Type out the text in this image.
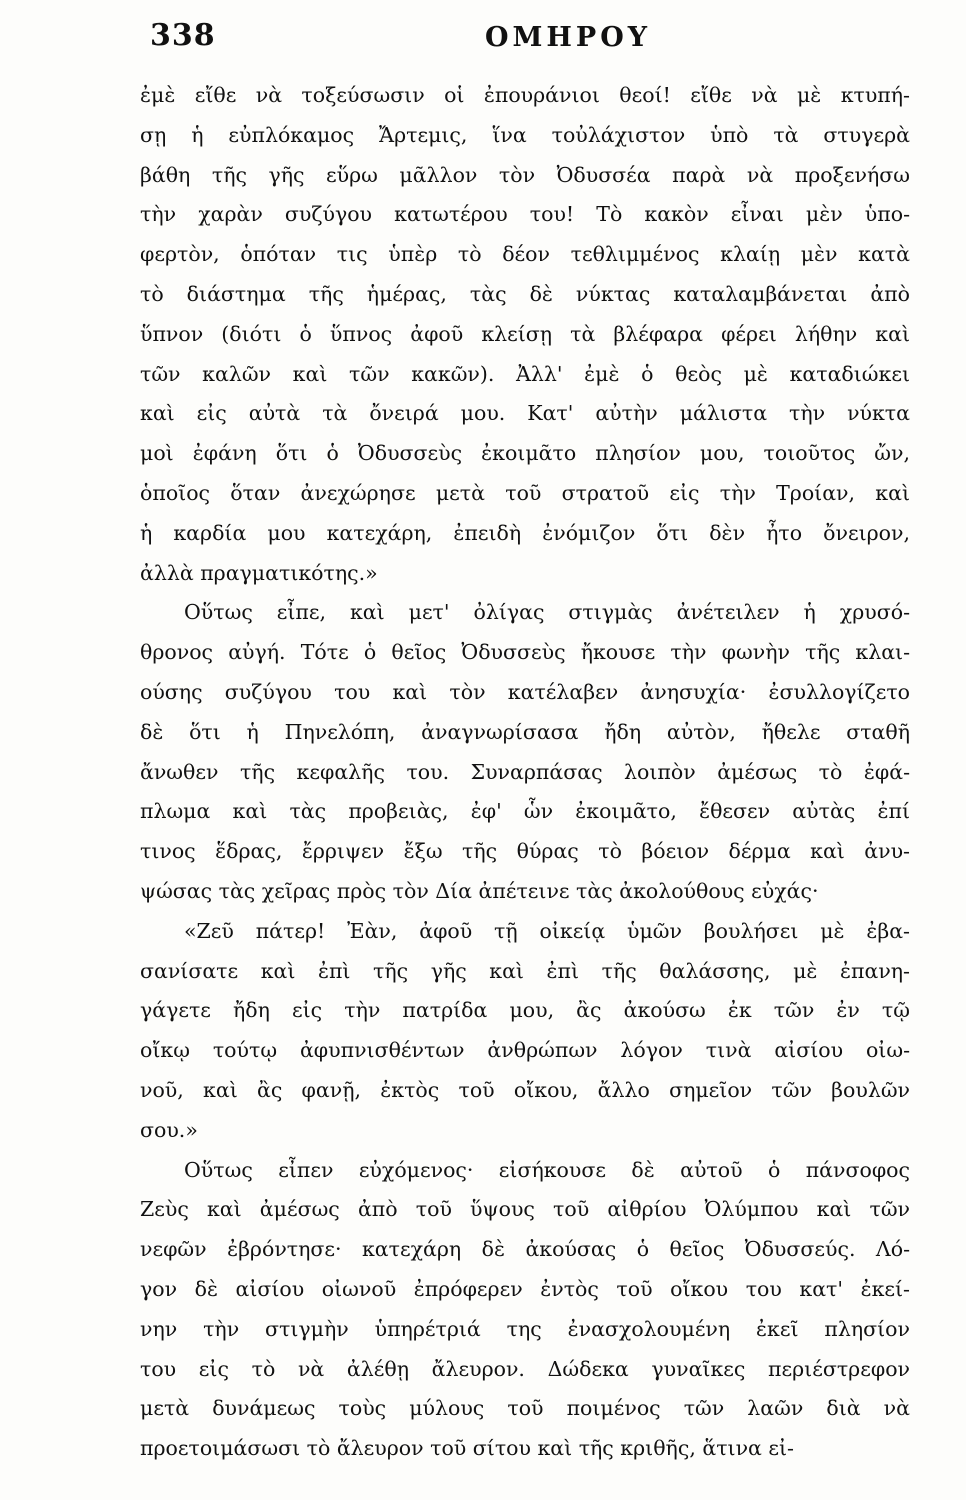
338	ΟΜΗΡΟΥ
ἐμὲ εἴθε νὰ τοξεύσωσιν οἱ ἐπουράνιοι θεοί! εἴθε νὰ μὲ κτυπή-
σῃ ἡ εὐπλόκαμος Ἄρτεμις, ἵνα τοὐλάχιστον ὑπὸ τὰ στυγερὰ
βάθη τῆς γῆς εὕρω μᾶλλον τὸν Ὀδυσσέα παρὰ νὰ προξενήσω
τὴν χαρὰν συζύγου κατωτέρου του! Τὸ κακὸν εἶναι μὲν ὑπο-
φερτὸν, ὁπόταν τις ὑπὲρ τὸ δέον τεθλιμμένος κλαίῃ μὲν κατὰ
τὸ διάστημα τῆς ἡμέρας, τὰς δὲ νύκτας καταλαμβάνεται ἀπὸ
ὕπνον (διότι ὁ ὕπνος ἀφοῦ κλείσῃ τὰ βλέφαρα φέρει λήθην καὶ
τῶν καλῶν καὶ τῶν κακῶν). Ἀλλ' ἐμὲ ὁ θεὸς μὲ καταδιώκει
καὶ εἰς αὐτὰ τὰ ὄνειρά μου. Κατ' αὐτὴν μάλιστα τὴν νύκτα
μοὶ ἐφάνη ὅτι ὁ Ὀδυσσεὺς ἐκοιμᾶτο πλησίον μου, τοιοῦτος ὤν,
ὁποῖος ὅταν ἀνεχώρησε μετὰ τοῦ στρατοῦ εἰς τὴν Τροίαν, καὶ
ἡ καρδία μου κατεχάρη, ἐπειδὴ ἐνόμιζον ὅτι δὲν ἦτο ὄνειρον,
ἀλλὰ πραγματικότης.»
Οὕτως εἶπε, καὶ μετ' ὀλίγας στιγμὰς ἀνέτειλεν ἡ χρυσό-
θρονος αὐγή. Τότε ὁ θεῖος Ὀδυσσεὺς ἤκουσε τὴν φωνὴν τῆς κλαι-
ούσης συζύγου του καὶ τὸν κατέλαβεν ἀνησυχία· ἐσυλλογίζετο
δὲ ὅτι ἡ Πηνελόπη, ἀναγνωρίσασα ἤδη αὐτὸν, ἤθελε σταθῆ
ἄνωθεν τῆς κεφαλῆς του. Συναρπάσας λοιπὸν ἀμέσως τὸ ἐφά-
πλωμα καὶ τὰς προβειὰς, ἐφ' ὧν ἐκοιμᾶτο, ἔθεσεν αὐτὰς ἐπί
τινος ἕδρας, ἔρριψεν ἔξω τῆς θύρας τὸ βόειον δέρμα καὶ ἀνυ-
ψώσας τὰς χεῖρας πρὸς τὸν Δία ἀπέτεινε τὰς ἀκολούθους εὐχάς·
«Ζεῦ πάτερ! Ἐὰν, ἀφοῦ τῇ οἰκείᾳ ὑμῶν βουλήσει μὲ ἐβα-
σανίσατε καὶ ἐπὶ τῆς γῆς καὶ ἐπὶ τῆς θαλάσσης, μὲ ἐπανη-
γάγετε ἤδη εἰς τὴν πατρίδα μου, ἂς ἀκούσω ἐκ τῶν ἐν τῷ
οἴκῳ τούτῳ ἀφυπνισθέντων ἀνθρώπων λόγον τινὰ αἰσίου οἰω-
νοῦ, καὶ ἂς φανῇ, ἐκτὸς τοῦ οἴκου, ἄλλο σημεῖον τῶν βουλῶν
σου.»
Οὕτως εἶπεν εὐχόμενος· εἰσήκουσε δὲ αὐτοῦ ὁ πάνσοφος
Ζεὺς καὶ ἀμέσως ἀπὸ τοῦ ὕψους τοῦ αἰθρίου Ὀλύμπου καὶ τῶν
νεφῶν ἐβρόντησε· κατεχάρη δὲ ἀκούσας ὁ θεῖος Ὀδυσσεύς. Λό-
γον δὲ αἰσίου οἰωνοῦ ἐπρόφερεν ἐντὸς τοῦ οἴκου του κατ' ἐκεί-
νην τὴν στιγμὴν ὑπηρέτριά της ἐνασχολουμένη ἐκεῖ πλησίον
του εἰς τὸ νὰ ἀλέθῃ ἄλευρον. Δώδεκα γυναῖκες περιέστρεφον
μετὰ δυνάμεως τοὺς μύλους τοῦ ποιμένος τῶν λαῶν διὰ νὰ
προετοιμάσωσι τὸ ἄλευρον τοῦ σίτου καὶ τῆς κριθῆς, ἅτινα εἰ-
